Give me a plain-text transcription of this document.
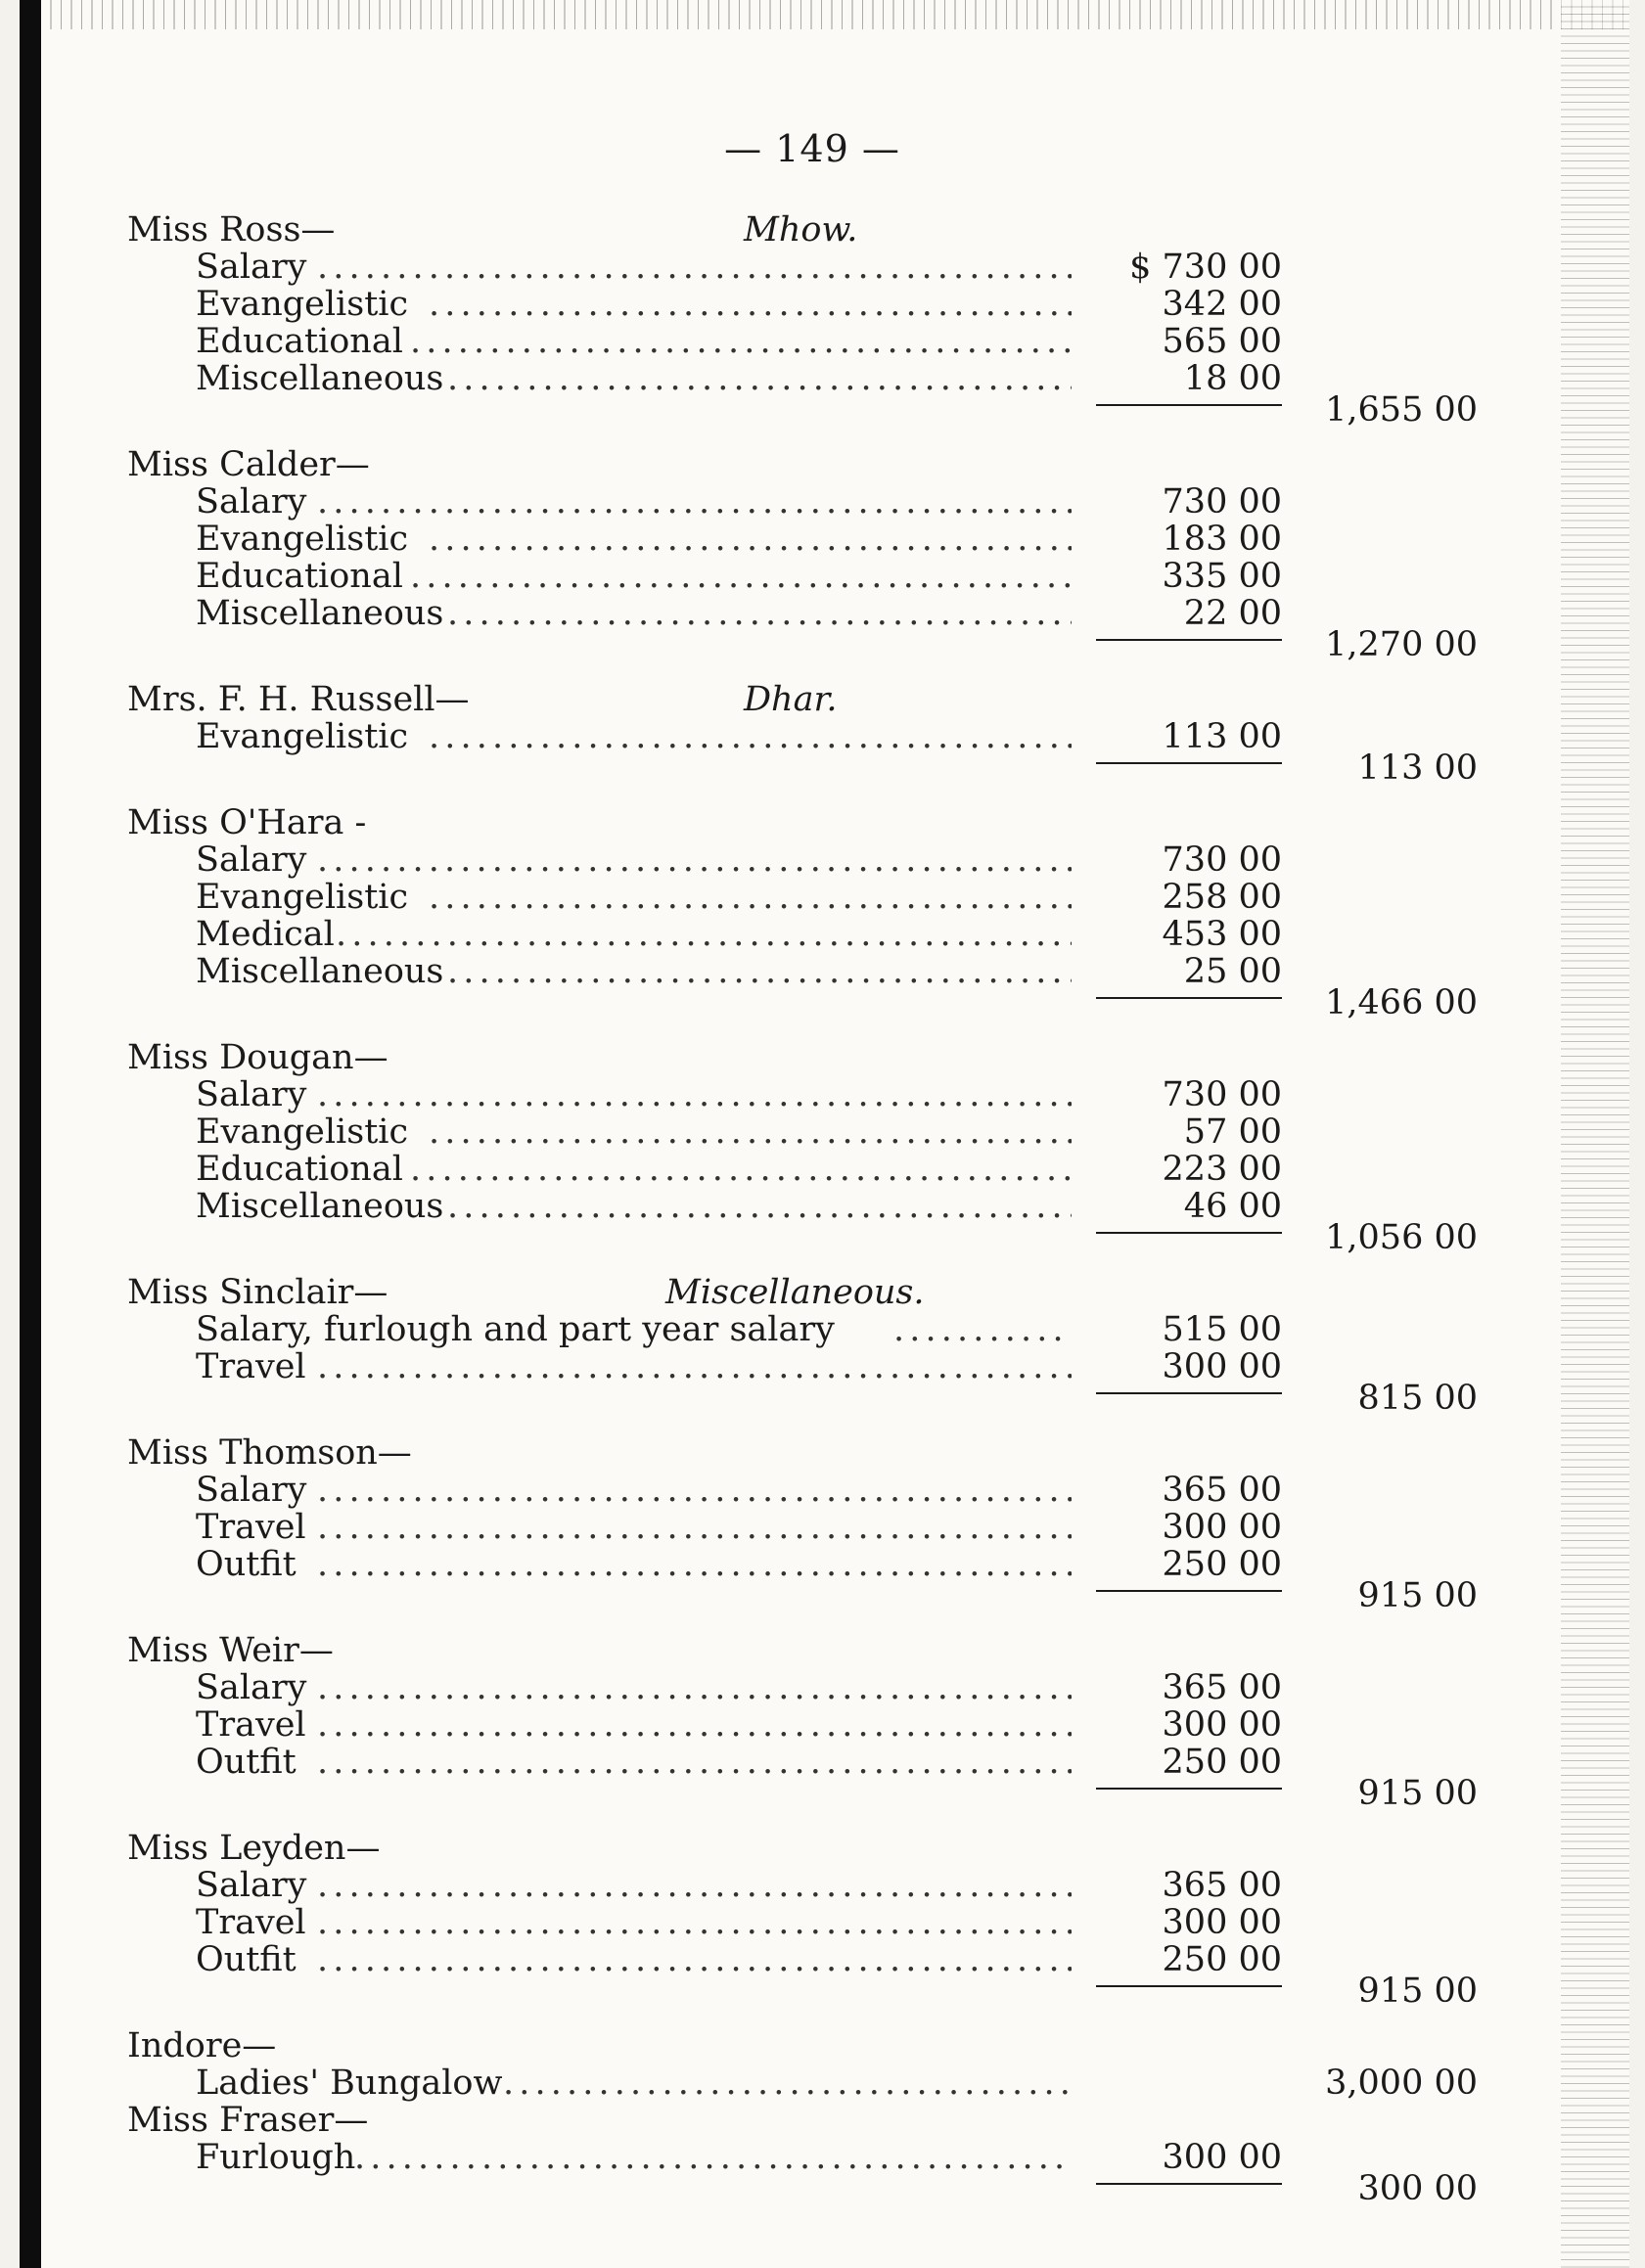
— 149 —
Miss Ross—	Mhow.
Salary . . .	$ 730 00
Evangelistic . . .	342 00
Educational . . .	565 00
Miscellaneous . . .	18 00
1,655 00
Miss Calder—
Salary . . .	730 00
Evangelistic . . .	183 00
Educational . . .	335 00
Miscellaneous . . .	22 00
1,270 00
Mrs. F. H. Russell—	Dhar.
Evangelistic . . .	113 00
113 00
Miss O'Hara -
Salary . . .	730 00
Evangelistic . . .	258 00
Medical . . .	453 00
Miscellaneous . . .	25 00
1,466 00
Miss Dougan—
Salary . . .	730 00
Evangelistic . . .	57 00
Educational . . .	223 00
Miscellaneous . . .	46 00
1,056 00
Miss Sinclair—	Miscellaneous.
Salary, furlough and part year salary . . .	515 00
Travel . . .	300 00
815 00
Miss Thomson—
Salary . . .	365 00
Travel . . .	300 00
Outfit . . .	250 00
915 00
Miss Weir—
Salary . . .	365 00
Travel . . .	300 00
Outfit . . .	250 00
915 00
Miss Leyden—
Salary . . .	365 00
Travel . . .	300 00
Outfit . . .	250 00
915 00
Indore—
Ladies' Bungalow . . .	3,000 00
Miss Fraser—
Furlough . . .	300 00
300 00
